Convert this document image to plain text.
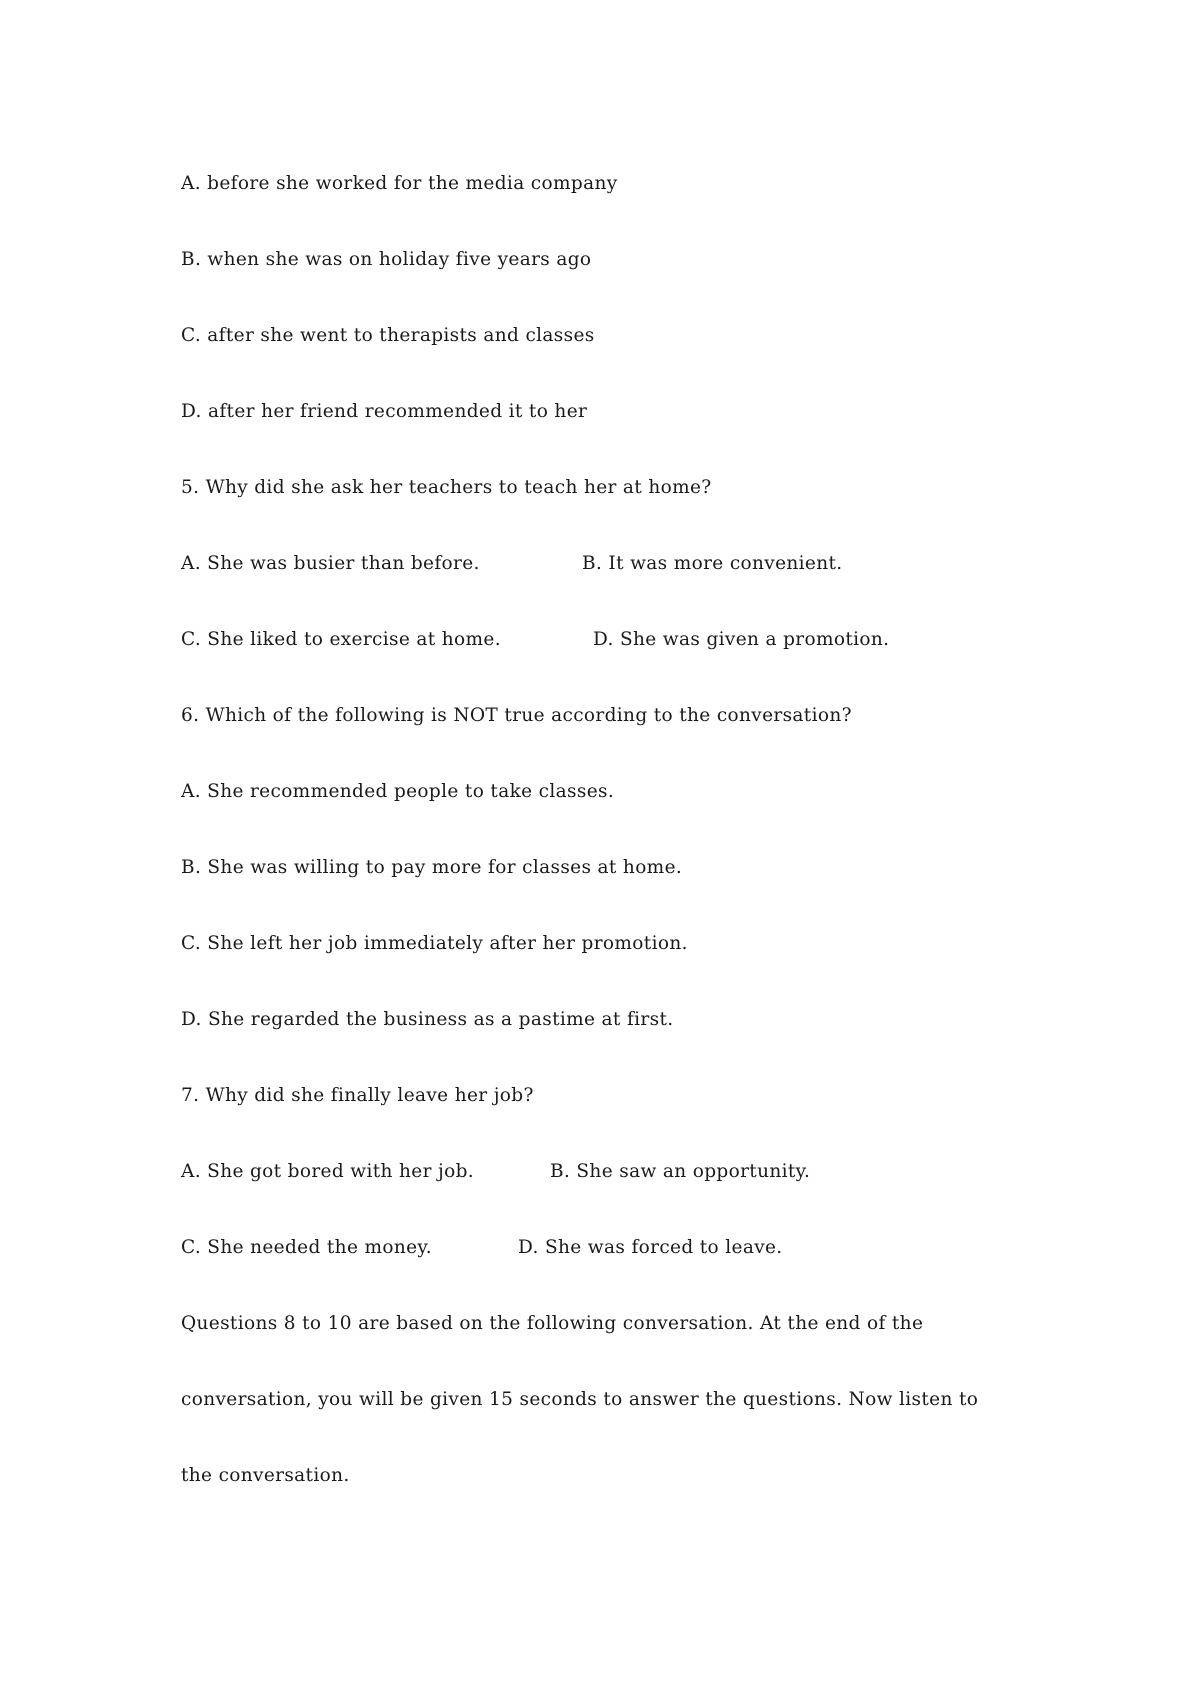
A. before she worked for the media company
B. when she was on holiday five years ago
C. after she went to therapists and classes
D. after her friend recommended it to her
5. Why did she ask her teachers to teach her at home?
A. She was busier than before.	B. It was more convenient.
C. She liked to exercise at home.	D. She was given a promotion.
6. Which of the following is NOT true according to the conversation?
A. She recommended people to take classes.
B. She was willing to pay more for classes at home.
C. She left her job immediately after her promotion.
D. She regarded the business as a pastime at first.
7. Why did she finally leave her job?
A. She got bored with her job.	B. She saw an opportunity.
C. She needed the money.	D. She was forced to leave.
Questions 8 to 10 are based on the following conversation. At the end of the
conversation, you will be given 15 seconds to answer the questions. Now listen to
the conversation.
